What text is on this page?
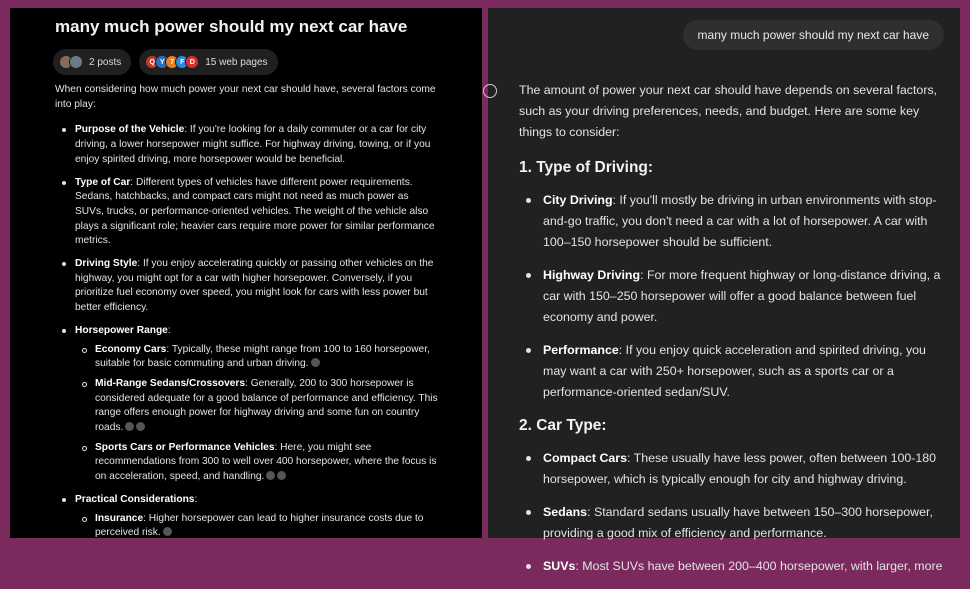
many much power should my next car have
2 posts	Q Y 7 F D	15 web pages

When considering how much power your next car should have, several factors come into play:

Purpose of the Vehicle: If you're looking for a daily commuter or a car for city driving, a lower horsepower might suffice. For highway driving, towing, or if you enjoy spirited driving, more horsepower would be beneficial.
Type of Car: Different types of vehicles have different power requirements. Sedans, hatchbacks, and compact cars might not need as much power as SUVs, trucks, or performance-oriented vehicles. The weight of the vehicle also plays a significant role; heavier cars require more power for similar performance metrics.
Driving Style: If you enjoy accelerating quickly or passing other vehicles on the highway, you might opt for a car with higher horsepower. Conversely, if you prioritize fuel economy over speed, you might look for cars with less power but better efficiency.
Horsepower Range:
Economy Cars: Typically, these might range from 100 to 160 horsepower, suitable for basic commuting and urban driving.
Mid-Range Sedans/Crossovers: Generally, 200 to 300 horsepower is considered adequate for a good balance of performance and efficiency. This range offers enough power for highway driving and some fun on country roads.
Sports Cars or Performance Vehicles: Here, you might see recommendations from 300 to well over 400 horsepower, where the focus is on acceleration, speed, and handling.
Practical Considerations:
Insurance: Higher horsepower can lead to higher insurance costs due to perceived risk.
many much power should my next car have

The amount of power your next car should have depends on several factors, such as your driving preferences, needs, and budget. Here are some key things to consider:

1. Type of Driving:
City Driving: If you'll mostly be driving in urban environments with stop-and-go traffic, you don't need a car with a lot of horsepower. A car with 100–150 horsepower should be sufficient.
Highway Driving: For more frequent highway or long-distance driving, a car with 150–250 horsepower will offer a good balance between fuel economy and power.
Performance: If you enjoy quick acceleration and spirited driving, you may want a car with 250+ horsepower, such as a sports car or a performance-oriented sedan/SUV.
2. Car Type:
Compact Cars: These usually have less power, often between 100-180 horsepower, which is typically enough for city and highway driving.
Sedans: Standard sedans usually have between 150–300 horsepower, providing a good mix of efficiency and performance.
SUVs: Most SUVs have between 200–400 horsepower, with larger, more
